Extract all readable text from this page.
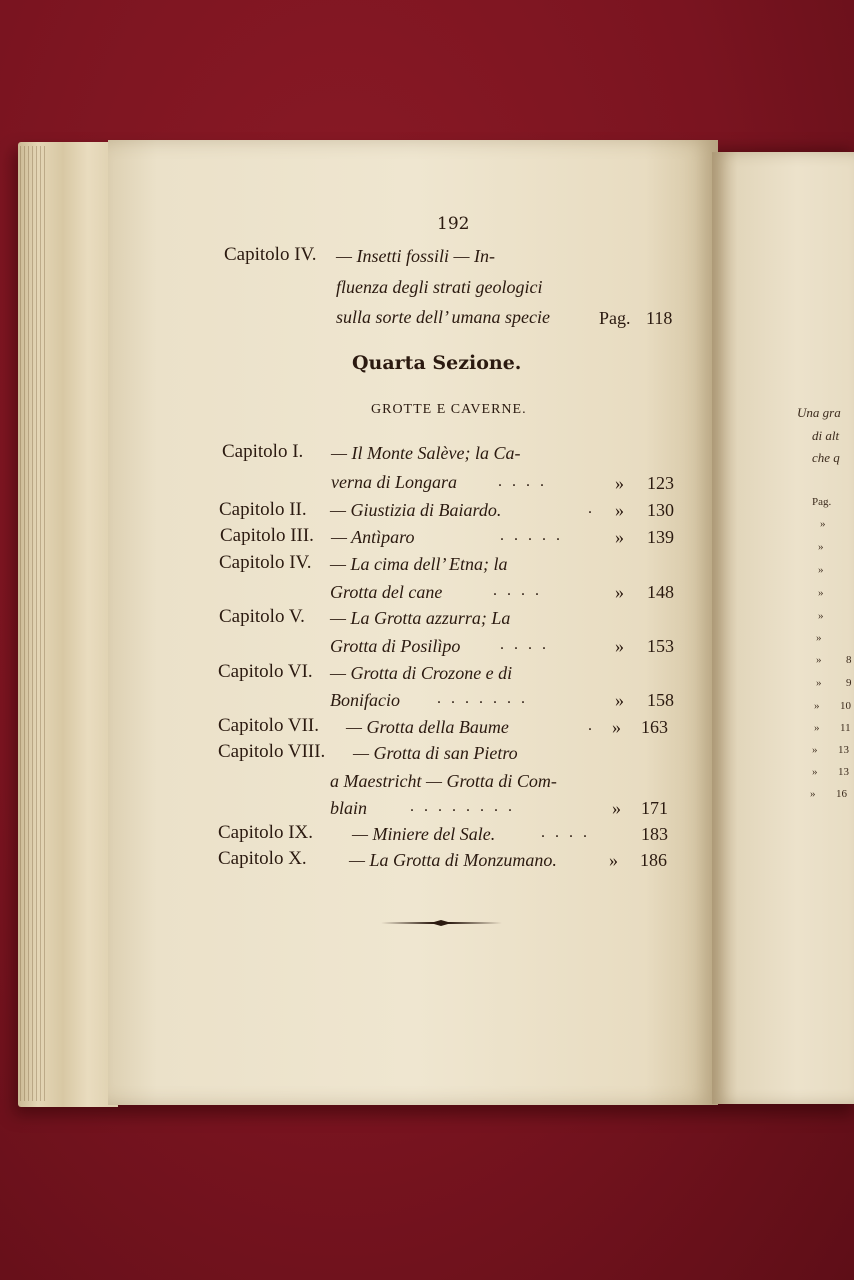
192
Capitolo IV. — Insetti fossili — In-
fluenza degli strati geologici
sulla sorte dell’ umana specie	Pag. 118
Quarta Sezione.
GROTTE E CAVERNE.
Capitolo I. — Il Monte Salève; la Ca-
verna di Longara	. . . .	» 123
Capitolo II. — Giustizia di Baiardo.	. » 130
Capitolo III. — Antìparo	. . . . .	» 139
Capitolo IV. — La cima dell’ Etna; la
Grotta del cane	. . . .	» 148
Capitolo V. — La Grotta azzurra; La
Grotta di Posilìpo . . . .	» 153
Capitolo VI. — Grotta di Crozone e di
Bonifacio . . . . . . .	» 158
Capitolo VII. — Grotta della Baume	. » 163
Capitolo VIII. — Grotta di san Pietro
a Maestricht — Grotta di Com-
blain	. . . . . . . .	» 171
Capitolo IX. — Miniere del Sale.	. . . .	183
Capitolo X. — La Grotta di Monzumano.	» 186
Una gra
di alt
che q
Pag.
»
»
»
»
»
»
» 8
» 9
» 10
» 11
» 13
» 13
» 16
